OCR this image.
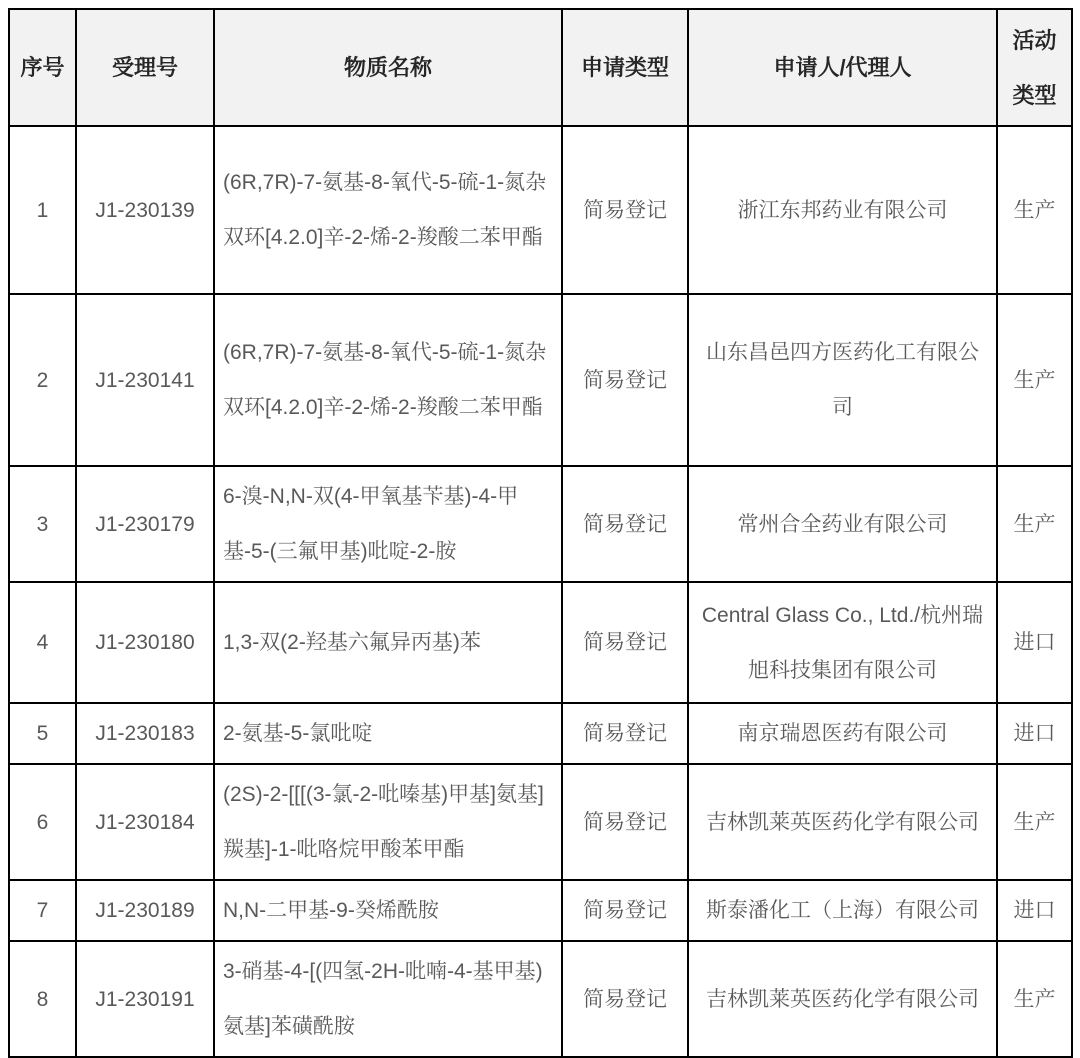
序号	受理号	物质名称	申请类型	申请人/代理人	活动类型
1	J1-230139	(6R,7R)-7-氨基-8-氧代-5-硫-1-氮杂双环[4.2.0]辛-2-烯-2-羧酸二苯甲酯	简易登记	浙江东邦药业有限公司	生产
2	J1-230141	(6R,7R)-7-氨基-8-氧代-5-硫-1-氮杂双环[4.2.0]辛-2-烯-2-羧酸二苯甲酯	简易登记	山东昌邑四方医药化工有限公司	生产
3	J1-230179	6-溴-N,N-双(4-甲氧基苄基)-4-甲基-5-(三氟甲基)吡啶-2-胺	简易登记	常州合全药业有限公司	生产
4	J1-230180	1,3-双(2-羟基六氟异丙基)苯	简易登记	Central Glass Co., Ltd./杭州瑞旭科技集团有限公司	进口
5	J1-230183	2-氨基-5-氯吡啶	简易登记	南京瑞恩医药有限公司	进口
6	J1-230184	(2S)-2-[[[(3-氯-2-吡嗪基)甲基]氨基]羰基]-1-吡咯烷甲酸苯甲酯	简易登记	吉林凯莱英医药化学有限公司	生产
7	J1-230189	N,N-二甲基-9-癸烯酰胺	简易登记	斯泰潘化工（上海）有限公司	进口
8	J1-230191	3-硝基-4-[(四氢-2H-吡喃-4-基甲基)氨基]苯磺酰胺	简易登记	吉林凯莱英医药化学有限公司	生产
